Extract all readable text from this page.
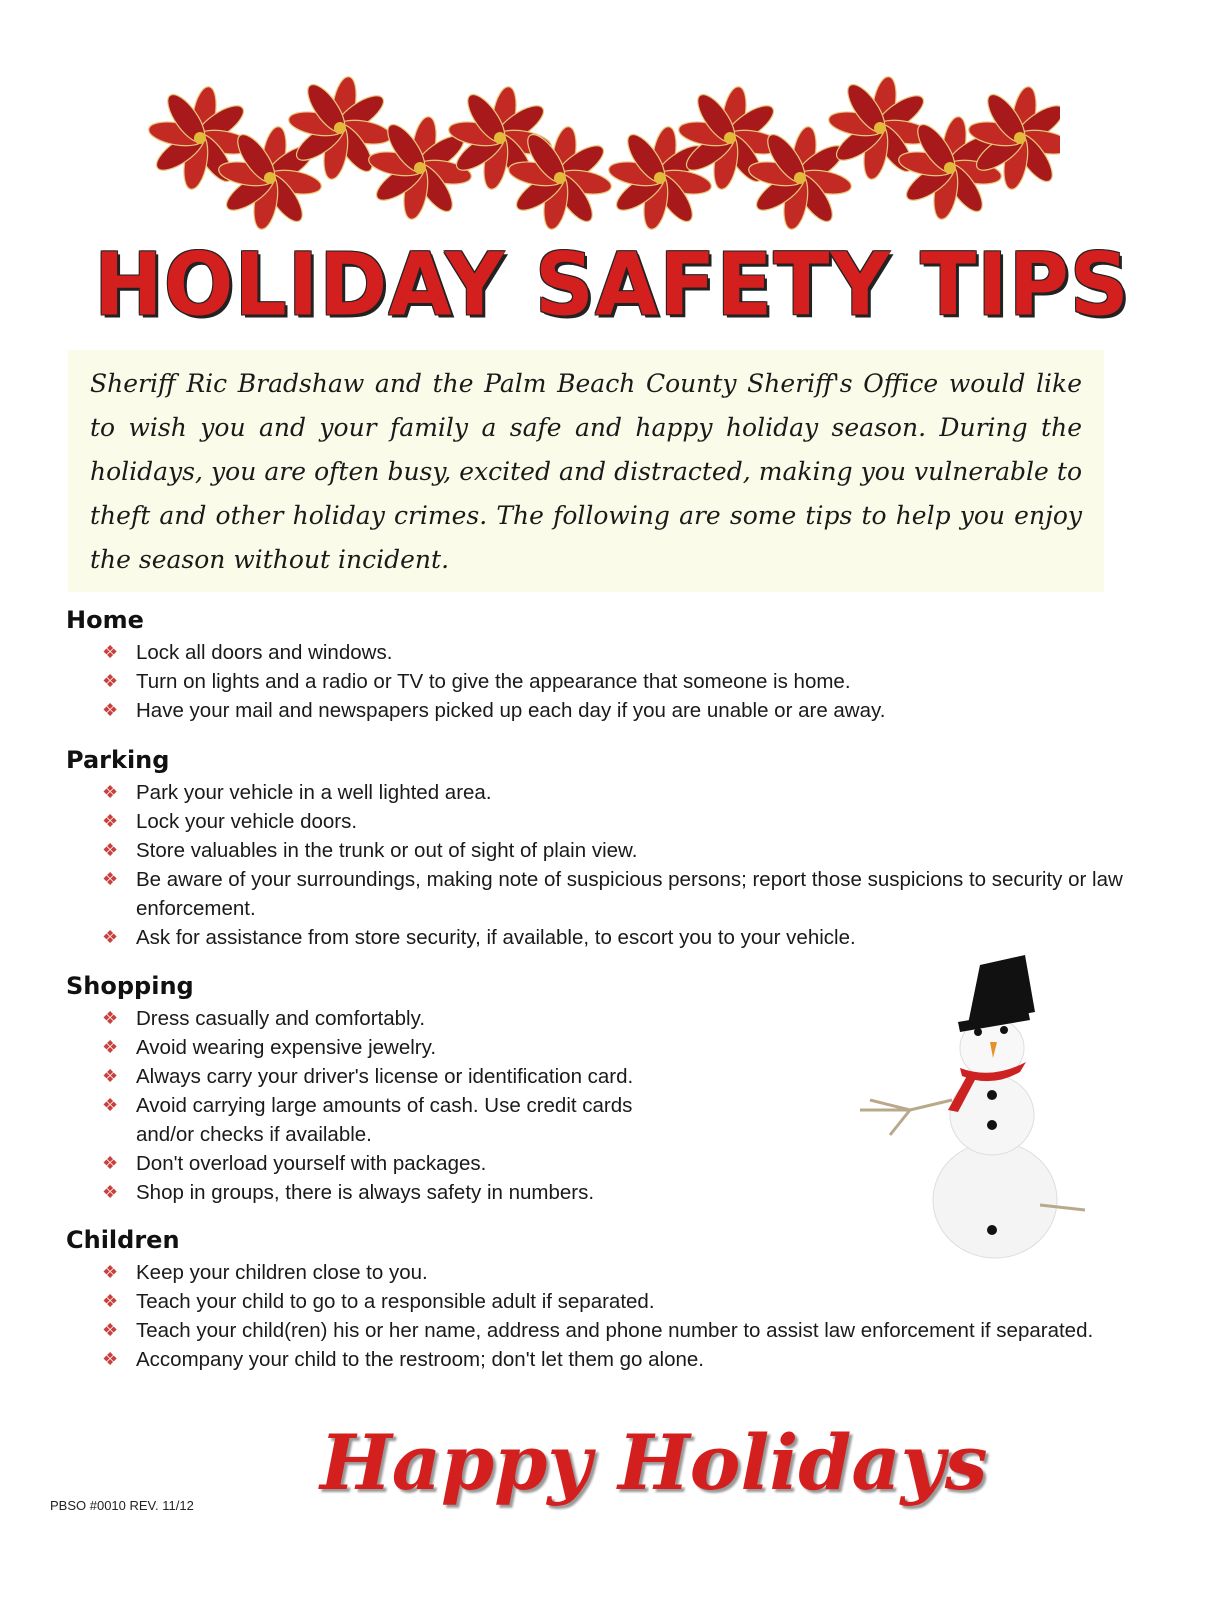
HOLIDAY SAFETY TIPS
Sheriff Ric Bradshaw and the Palm Beach County Sheriff's Office would like to wish you and your family a safe and happy holiday season. During the holidays, you are often busy, excited and distracted, making you vulnerable to theft and other holiday crimes. The following are some tips to help you enjoy the season without incident.
Home
❖ Lock all doors and windows.
❖ Turn on lights and a radio or TV to give the appearance that someone is home.
❖ Have your mail and newspapers picked up each day if you are unable or are away.
Parking
❖ Park your vehicle in a well lighted area.
❖ Lock your vehicle doors.
❖ Store valuables in the trunk or out of sight of plain view.
❖ Be aware of your surroundings, making note of suspicious persons; report those suspicions to security or law enforcement.
❖ Ask for assistance from store security, if available, to escort you to your vehicle.
Shopping
❖ Dress casually and comfortably.
❖ Avoid wearing expensive jewelry.
❖ Always carry your driver's license or identification card.
❖ Avoid carrying large amounts of cash. Use credit cards and/or checks if available.
❖ Don't overload yourself with packages.
❖ Shop in groups, there is always safety in numbers.
Children
❖ Keep your children close to you.
❖ Teach your child to go to a responsible adult if separated.
❖ Teach your child(ren) his or her name, address and phone number to assist law enforcement if separated.
❖ Accompany your child to the restroom; don't let them go alone.
Happy Holidays
PBSO #0010 REV. 11/12
